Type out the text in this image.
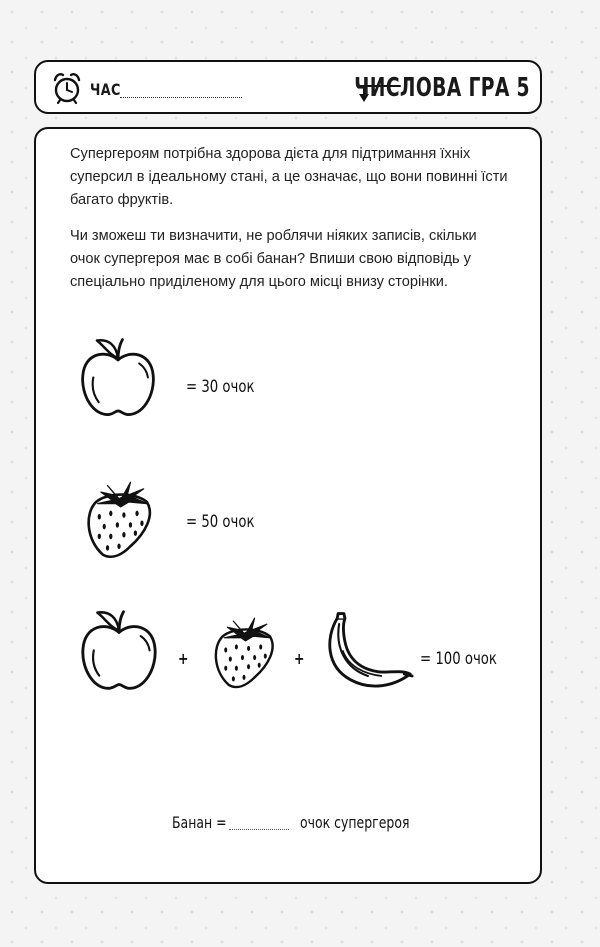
ЧАС	ЧИСЛОВА ГРА 5

Супергероям потрібна здорова дієта для підтримання їхніх суперсил в ідеальному стані, а це означає, що вони повинні їсти багато фруктів.

Чи зможеш ти визначити, не роблячи ніяких записів, скільки очок супергероя має в собі банан? Впиши свою відповідь у спеціально приділеному для цього місці внизу сторінки.

= 30 очок
= 50 очок
+	+	= 100 очок
Банан =	очок супергероя
